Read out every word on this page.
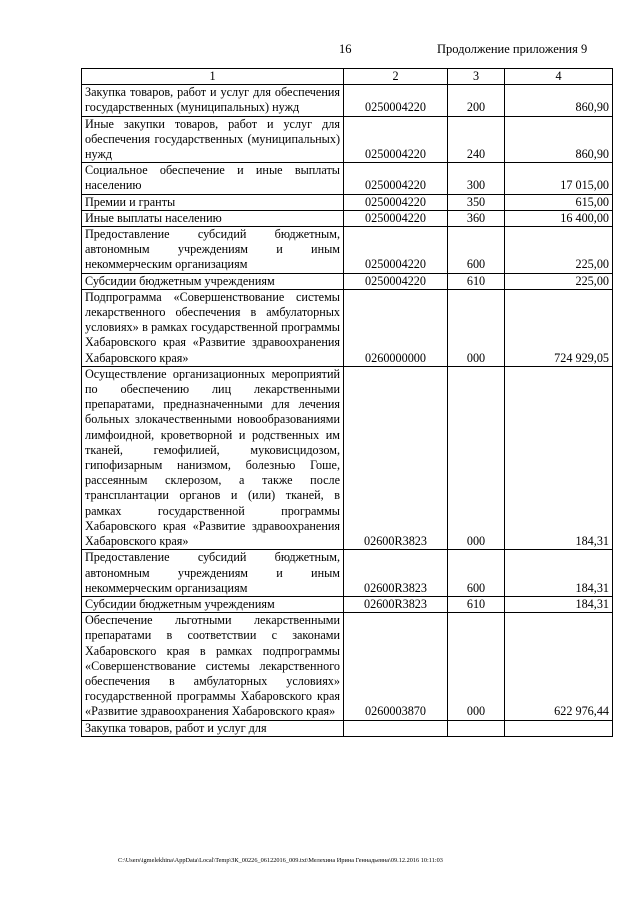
16	Продолжение приложения 9
1	2	3	4
Закупка товаров, работ и услуг для обеспечения государственных (муниципальных) нужд	0250004220	200	860,90
Иные закупки товаров, работ и услуг для обеспечения государственных (муниципальных) нужд	0250004220	240	860,90
Социальное обеспечение и иные выплаты населению	0250004220	300	17 015,00
Премии и гранты	0250004220	350	615,00
Иные выплаты населению	0250004220	360	16 400,00
Предоставление субсидий бюджетным, автономным учреждениям и иным некоммерческим организациям	0250004220	600	225,00
Субсидии бюджетным учреждениям	0250004220	610	225,00
Подпрограмма «Совершенствование системы лекарственного обеспечения в амбулаторных условиях» в рамках государственной программы Хабаровского края «Развитие здравоохранения Хабаровского края»	0260000000	000	724 929,05
Осуществление организационных мероприятий по обеспечению лиц лекарственными препаратами, предназначенными для лечения больных злокачественными новообразованиями лимфоидной, кроветворной и родственных им тканей, гемофилией, муковисцидозом, гипофизарным нанизмом, болезнью Гоше, рассеянным склерозом, а также после трансплантации органов и (или) тканей, в рамках государственной программы Хабаровского края «Развитие здравоохранения Хабаровского края»	02600R3823	000	184,31
Предоставление субсидий бюджетным, автономным учреждениям и иным некоммерческим организациям	02600R3823	600	184,31
Субсидии бюджетным учреждениям	02600R3823	610	184,31
Обеспечение льготными лекарственными препаратами в соответствии с законами Хабаровского края в рамках подпрограммы «Совершенствование системы лекарственного обеспечения в амбулаторных условиях» государственной программы Хабаровского края «Развитие здравоохранения Хабаровского края»	0260003870	000	622 976,44
Закупка товаров, работ и услуг для			
C:\Users\igmelekhina\AppData\Local\Temp\ЗК_00226_06122016_009.txt\Мелехина Ирина Геннадьевна\09.12.2016 10:11:03
